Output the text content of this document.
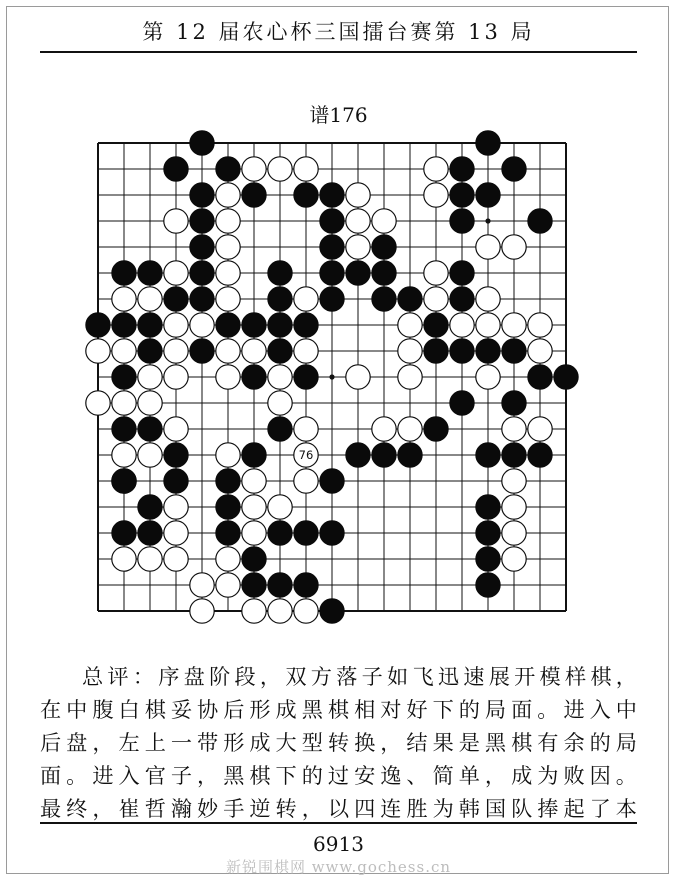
第 12 届农心杯三国擂台赛第 13 局
谱176
76

总评：序盘阶段，双方落子如飞迅速展开模样棋，

在中腹白棋妥协后形成黑棋相对好下的局面。进入中

后盘，左上一带形成大型转换，结果是黑棋有余的局

面。进入官子，黑棋下的过安逸、简单，成为败因。

最终，崔哲瀚妙手逆转，以四连胜为韩国队捧起了本

6913
新锐围棋网 www.gochess.cn
